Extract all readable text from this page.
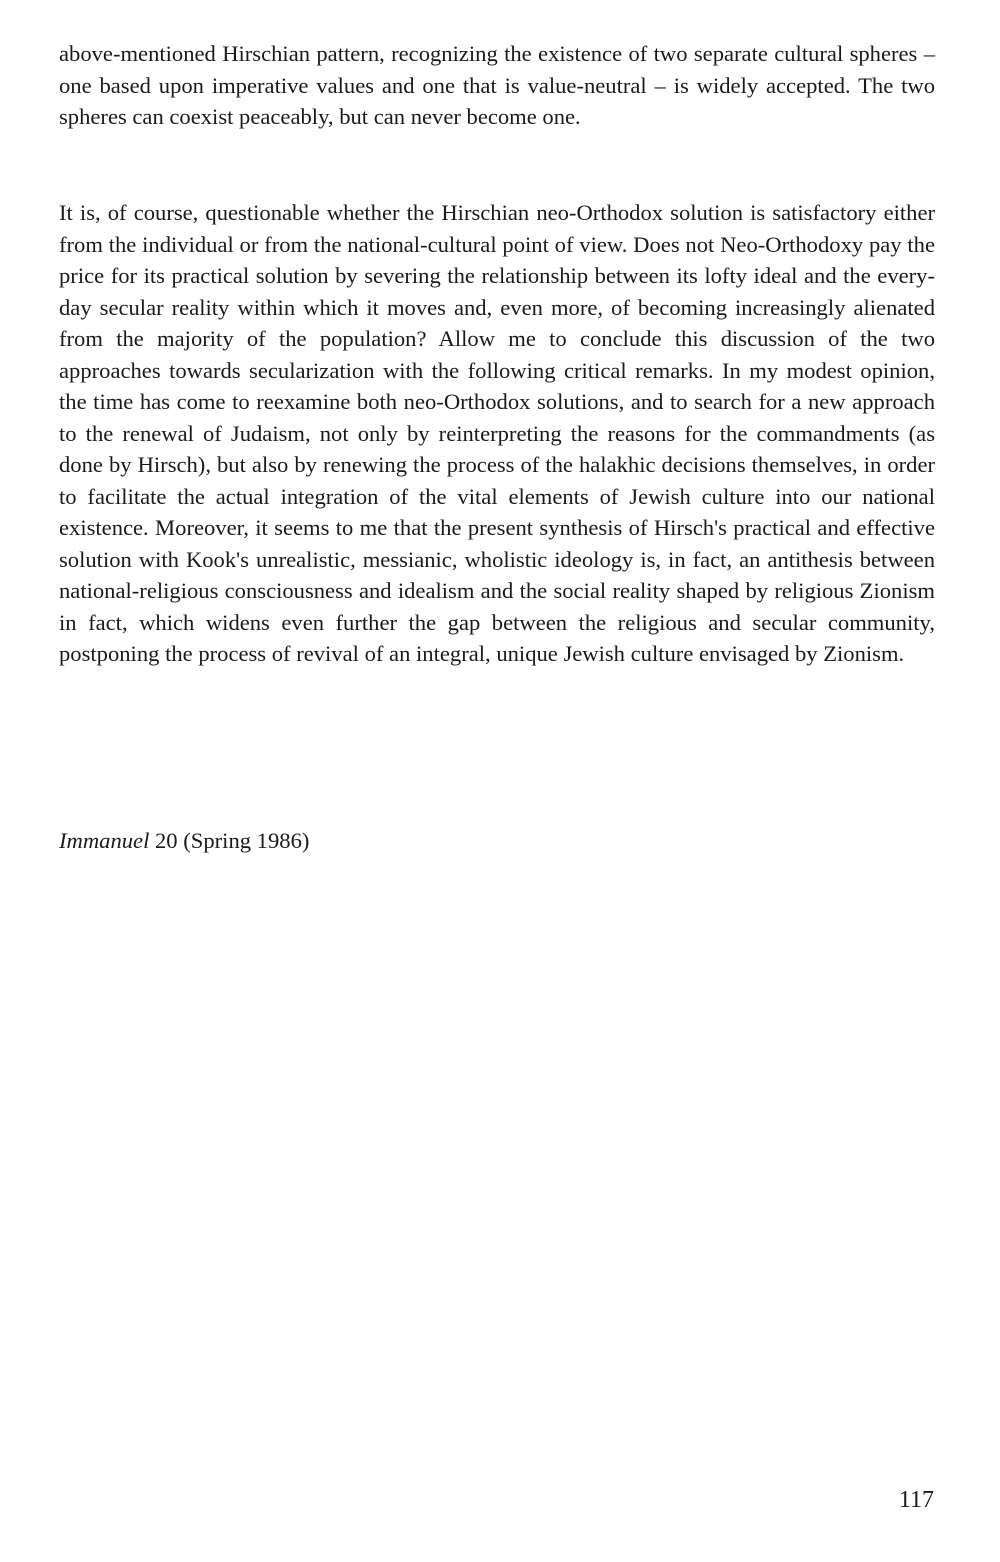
above-mentioned Hirschian pattern, recognizing the existence of two separate cultural spheres – one based upon imperative values and one that is value-neutral – is widely accepted. The two spheres can coexist peaceably, but can never become one.

It is, of course, questionable whether the Hirschian neo-Orthodox solution is satisfactory either from the individual or from the national-cultural point of view. Does not Neo-Orthodoxy pay the price for its practical solution by severing the relationship between its lofty ideal and the every-day secular reality within which it moves and, even more, of becoming increasingly alienated from the majority of the population? Allow me to conclude this discussion of the two approaches towards secularization with the following critical remarks. In my modest opinion, the time has come to reexamine both neo-Orthodox solutions, and to search for a new approach to the renewal of Judaism, not only by reinterpreting the reasons for the commandments (as done by Hirsch), but also by renewing the process of the halakhic decisions themselves, in order to facilitate the actual integration of the vital elements of Jewish culture into our national existence. Moreover, it seems to me that the present synthesis of Hirsch's practical and effective solution with Kook's unrealistic, messianic, wholistic ideology is, in fact, an antithesis between national-religious consciousness and idealism and the social reality shaped by religious Zionism in fact, which widens even further the gap between the religious and secular community, postponing the process of revival of an integral, unique Jewish culture envisaged by Zionism.

Immanuel 20 (Spring 1986)

117
